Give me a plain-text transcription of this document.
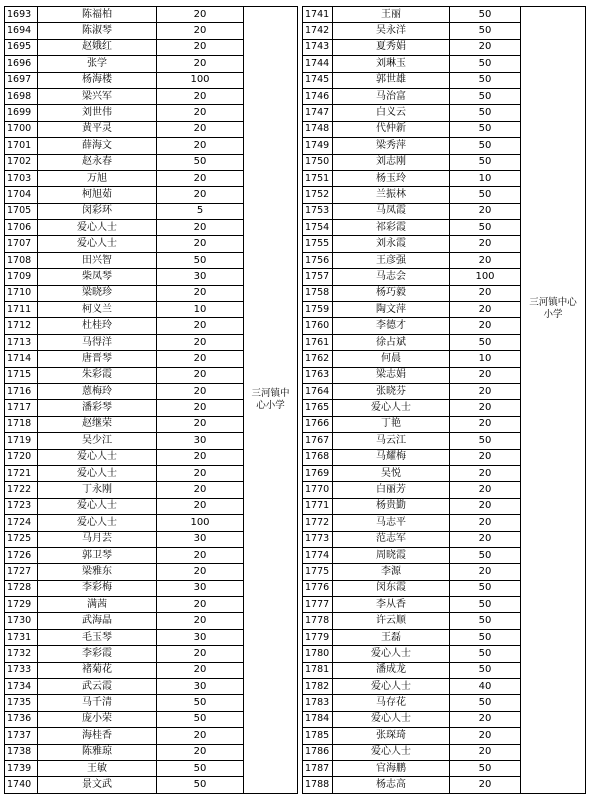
1693	陈福柏	20	三河镇中心小学
1694	陈淑琴	20	
1695	赵娥红	20	
1696	张学	20	
1697	杨海楼	100	
1698	梁兴军	20	
1699	刘世伟	20	
1700	黄平灵	20	
1701	薛海文	20	
1702	赵永春	50	
1703	万旭	20	
1704	柯旭茹	20	
1705	闵彩环	5	
1706	爱心人士	20	
1707	爱心人士	20	
1708	田兴智	50	
1709	柴凤琴	30	
1710	梁晓珍	20	
1711	柯义兰	10	
1712	杜桂玲	20	
1713	马得洋	20	
1714	唐晋琴	20	
1715	朱彩霞	20	
1716	蒽梅玲	20	
1717	潘彩琴	20	
1718	赵继荣	20	
1719	吴少江	30	
1720	爱心人士	20	
1721	爱心人士	20	
1722	丁永刚	20	
1723	爱心人士	20	
1724	爱心人士	100	
1725	马月芸	30	
1726	郭卫琴	20	
1727	梁雅东	20	
1728	李彩梅	30	
1729	满茜	20	
1730	武海晶	20	
1731	毛玉琴	30	
1732	李彩霞	20	
1733	褚菊花	20	
1734	武云霞	30	
1735	马千清	50	
1736	庞小荣	50	
1737	海桂香	20	
1738	陈雅琼	20	
1739	王敏	50	
1740	景文武	50	
1741	王丽	50	三河镇中心小学
1742	吴永洋	50	
1743	夏秀娟	20	
1744	刘琳玉	50	
1745	郭世雄	50	
1746	马治富	50	
1747	白义云	50	
1748	代仲新	50	
1749	梁秀萍	50	
1750	刘志刚	50	
1751	杨玉玲	10	
1752	兰振林	50	
1753	马凤霞	20	
1754	祁彩霞	50	
1755	刘永霞	20	
1756	王彦强	20	
1757	马志会	100	
1758	杨巧毅	20	
1759	陶文萍	20	
1760	李德才	20	
1761	徐占斌	50	
1762	何晨	10	
1763	梁志娟	20	
1764	张晓芬	20	
1765	爱心人士	20	
1766	丁艳	20	
1767	马云江	50	
1768	马耀梅	20	
1769	吴悦	20	
1770	白丽芳	20	
1771	杨贵勤	20	
1772	马志平	20	
1773	范志军	20	
1774	周晓霞	50	
1775	李源	20	
1776	闵东霞	50	
1777	李从香	50	
1778	许云顺	50	
1779	王磊	50	
1780	爱心人士	50	
1781	潘成龙	50	
1782	爱心人士	40	
1783	马存花	50	
1784	爱心人士	20	
1785	张琛琦	20	
1786	爱心人士	20	
1787	官海鹏	50	
1788	杨志高	20	
